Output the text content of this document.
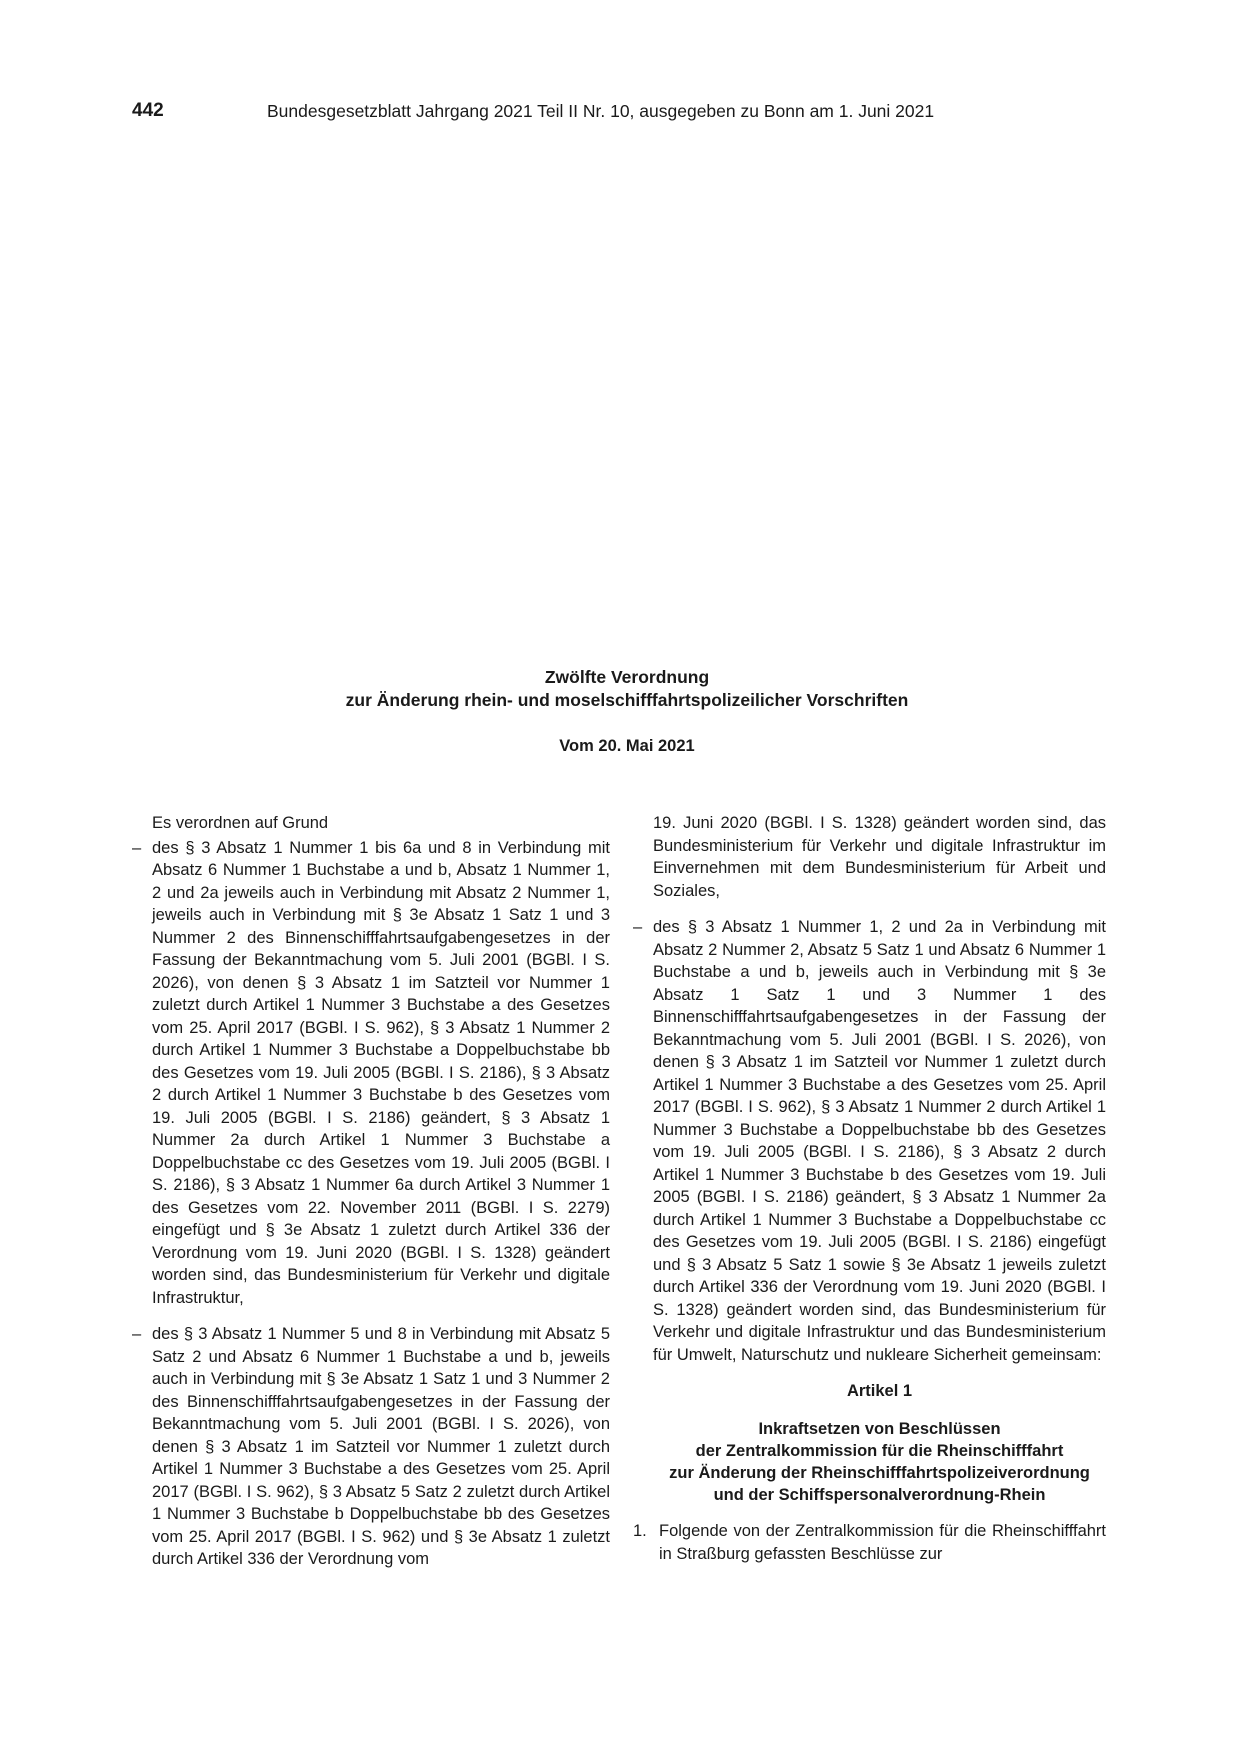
442	Bundesgesetzblatt Jahrgang 2021 Teil II Nr. 10, ausgegeben zu Bonn am 1. Juni 2021
Zwölfte Verordnung
zur Änderung rhein- und moselschifffahrtspolizeilicher Vorschriften
Vom 20. Mai 2021

Es verordnen auf Grund

– des § 3 Absatz 1 Nummer 1 bis 6a und 8 in Verbindung mit Absatz 6 Nummer 1 Buchstabe a und b, Absatz 1 Nummer 1, 2 und 2a jeweils auch in Verbindung mit Absatz 2 Nummer 1, jeweils auch in Verbindung mit § 3e Absatz 1 Satz 1 und 3 Nummer 2 des Binnenschifffahrtsaufgabengesetzes in der Fassung der Bekanntmachung vom 5. Juli 2001 (BGBl. I S. 2026), von denen § 3 Absatz 1 im Satzteil vor Nummer 1 zuletzt durch Artikel 1 Nummer 3 Buchstabe a des Gesetzes vom 25. April 2017 (BGBl. I S. 962), § 3 Absatz 1 Nummer 2 durch Artikel 1 Nummer 3 Buchstabe a Doppelbuchstabe bb des Gesetzes vom 19. Juli 2005 (BGBl. I S. 2186), § 3 Absatz 2 durch Artikel 1 Nummer 3 Buchstabe b des Gesetzes vom 19. Juli 2005 (BGBl. I S. 2186) geändert, § 3 Absatz 1 Nummer 2a durch Artikel 1 Nummer 3 Buchstabe a Doppelbuchstabe cc des Gesetzes vom 19. Juli 2005 (BGBl. I S. 2186), § 3 Absatz 1 Nummer 6a durch Artikel 3 Nummer 1 des Gesetzes vom 22. November 2011 (BGBl. I S. 2279) eingefügt und § 3e Absatz 1 zuletzt durch Artikel 336 der Verordnung vom 19. Juni 2020 (BGBl. I S. 1328) geändert worden sind, das Bundesministerium für Verkehr und digitale Infrastruktur,

– des § 3 Absatz 1 Nummer 5 und 8 in Verbindung mit Absatz 5 Satz 2 und Absatz 6 Nummer 1 Buchstabe a und b, jeweils auch in Verbindung mit § 3e Absatz 1 Satz 1 und 3 Nummer 2 des Binnenschifffahrtsaufgabengesetzes in der Fassung der Bekanntmachung vom 5. Juli 2001 (BGBl. I S. 2026), von denen § 3 Absatz 1 im Satzteil vor Nummer 1 zuletzt durch Artikel 1 Nummer 3 Buchstabe a des Gesetzes vom 25. April 2017 (BGBl. I S. 962), § 3 Absatz 5 Satz 2 zuletzt durch Artikel 1 Nummer 3 Buchstabe b Doppelbuchstabe bb des Gesetzes vom 25. April 2017 (BGBl. I S. 962) und § 3e Absatz 1 zuletzt durch Artikel 336 der Verordnung vom

19. Juni 2020 (BGBl. I S. 1328) geändert worden sind, das Bundesministerium für Verkehr und digitale Infrastruktur im Einvernehmen mit dem Bundesministerium für Arbeit und Soziales,

– des § 3 Absatz 1 Nummer 1, 2 und 2a in Verbindung mit Absatz 2 Nummer 2, Absatz 5 Satz 1 und Absatz 6 Nummer 1 Buchstabe a und b, jeweils auch in Verbindung mit § 3e Absatz 1 Satz 1 und 3 Nummer 1 des Binnenschifffahrtsaufgabengesetzes in der Fassung der Bekanntmachung vom 5. Juli 2001 (BGBl. I S. 2026), von denen § 3 Absatz 1 im Satzteil vor Nummer 1 zuletzt durch Artikel 1 Nummer 3 Buchstabe a des Gesetzes vom 25. April 2017 (BGBl. I S. 962), § 3 Absatz 1 Nummer 2 durch Artikel 1 Nummer 3 Buchstabe a Doppelbuchstabe bb des Gesetzes vom 19. Juli 2005 (BGBl. I S. 2186), § 3 Absatz 2 durch Artikel 1 Nummer 3 Buchstabe b des Gesetzes vom 19. Juli 2005 (BGBl. I S. 2186) geändert, § 3 Absatz 1 Nummer 2a durch Artikel 1 Nummer 3 Buchstabe a Doppelbuchstabe cc des Gesetzes vom 19. Juli 2005 (BGBl. I S. 2186) eingefügt und § 3 Absatz 5 Satz 1 sowie § 3e Absatz 1 jeweils zuletzt durch Artikel 336 der Verordnung vom 19. Juni 2020 (BGBl. I S. 1328) geändert worden sind, das Bundesministerium für Verkehr und digitale Infrastruktur und das Bundesministerium für Umwelt, Naturschutz und nukleare Sicherheit gemeinsam:

Artikel 1
Inkraftsetzen von Beschlüssen
der Zentralkommission für die Rheinschifffahrt
zur Änderung der Rheinschifffahrtspolizeiverordnung
und der Schiffspersonalverordnung-Rhein

1. Folgende von der Zentralkommission für die Rheinschifffahrt in Straßburg gefassten Beschlüsse zur
